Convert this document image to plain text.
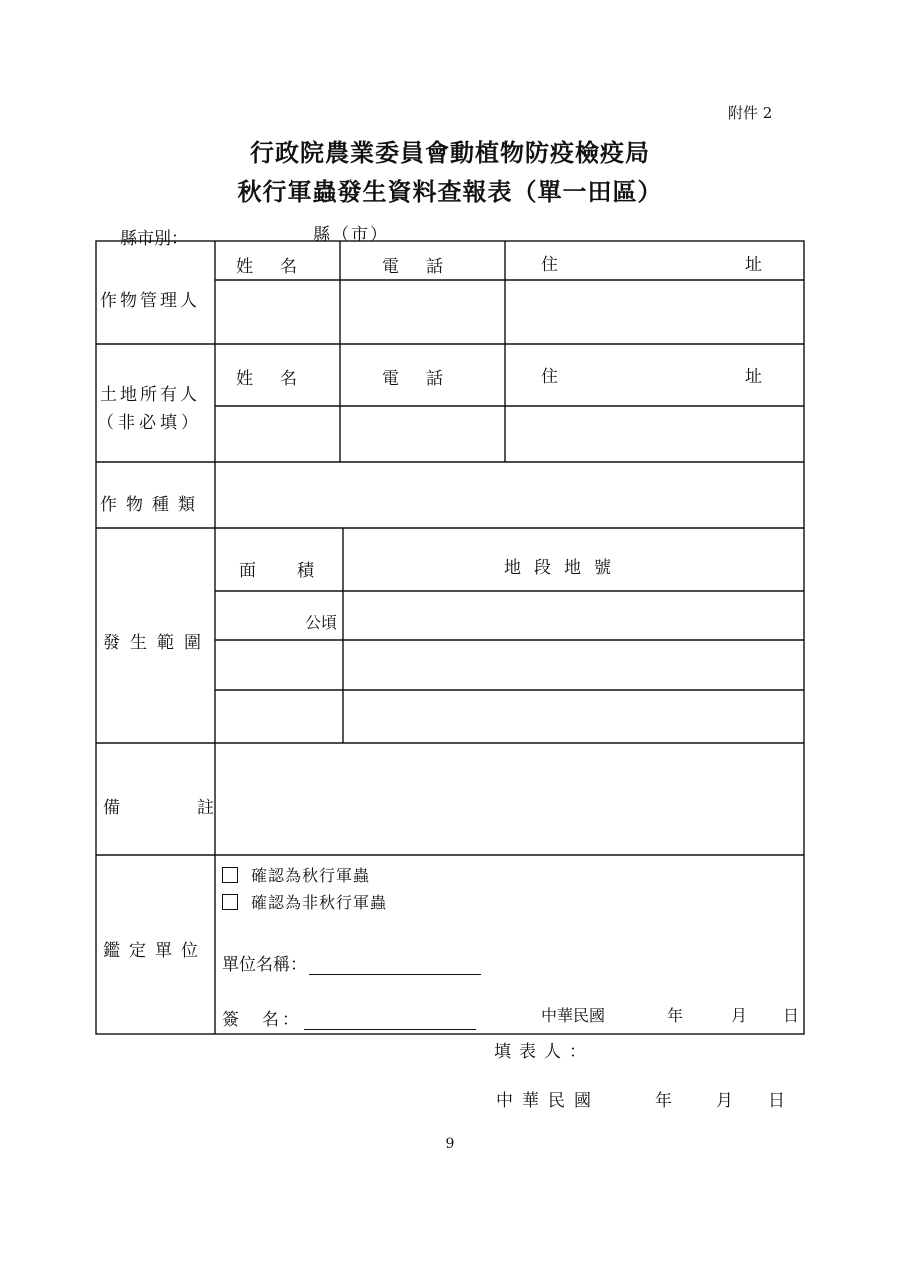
附件 2
行政院農業委員會動植物防疫檢疫局
秋行軍蟲發生資料查報表（單一田區）
縣市別：	縣（市）
作物管理人
姓　名	電　話	住	址
土地所有人
（非必填）
姓　名	電　話	住	址
作物種類
發生範圍
面　積	地段地號
公頃
備	註
鑑定單位
確認為秋行軍蟲
確認為非秋行軍蟲
單位名稱：
簽　名：	中華民國	年	月 日
填表人：
中華民國	年	月 日
9
